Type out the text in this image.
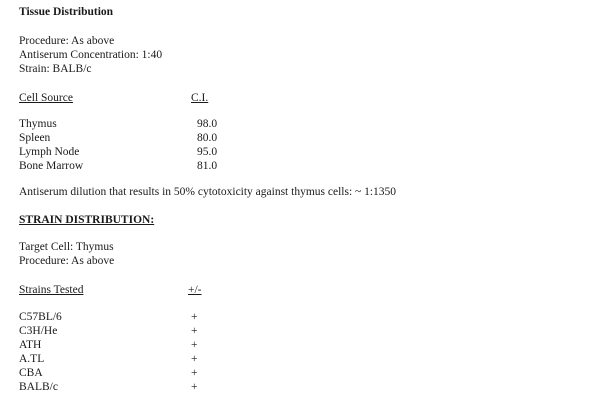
Tissue Distribution
Procedure: As above
Antiserum Concentration: 1:40
Strain: BALB/c
Cell Source	C.I.
Thymus	98.0
Spleen	80.0
Lymph Node	95.0
Bone Marrow	81.0
Antiserum dilution that results in 50% cytotoxicity against thymus cells: ~ 1:1350
STRAIN DISTRIBUTION:
Target Cell: Thymus
Procedure: As above
Strains Tested	+/-
C57BL/6	+
C3H/He	+
ATH	+
A.TL	+
CBA	+
BALB/c	+
